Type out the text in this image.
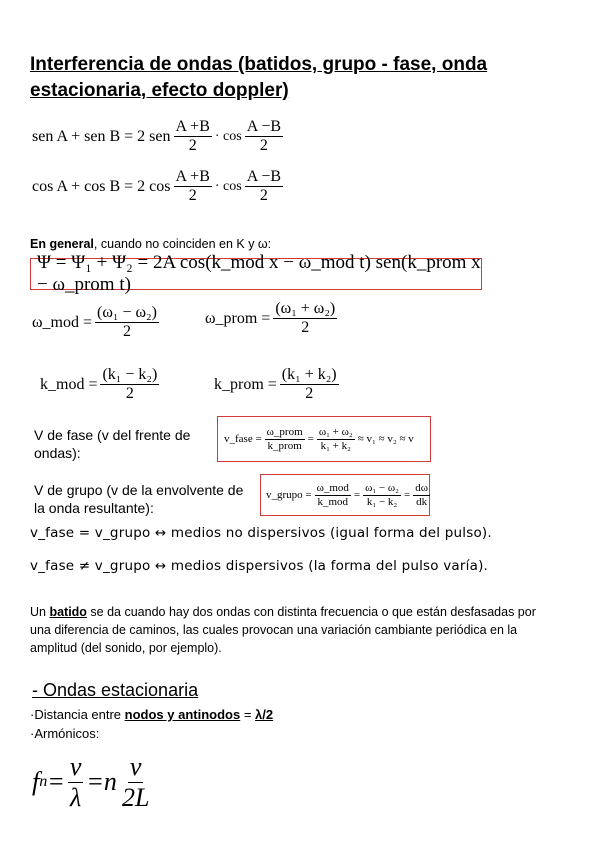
Interferencia de ondas (batidos, grupo - fase, onda estacionaria, efecto doppler)
sen A + sen B = 2 sen $\frac{A +B}{2} \cdot \cos \frac{A -B}{2}$
cos A + cos B = 2 $\cos \frac{A +B}{2} \cdot \cos \frac{A -B}{2}$
En general, cuando no coinciden en K y ω:
Ψ = Ψ₁ + Ψ₂ = 2A cos(k_mod x − ω_mod t) sen(k_prom x − ω_prom t)
ω_mod = $\frac{\text{(ω₁ − ω₂)}}{2}$	ω_prom = $\frac{\text{(ω₁ + ω₂)}}{2}$
k_mod = $\frac{\text{(k₁ − k₂)}}{2}$	k_prom = $\frac{\text{(k₁ + k₂)}}{2}$
V de fase (v del frente de ondas):
v_fase = $\frac{\text{ω\_prom}}{\text{k\_prom}} = \frac{\text{ω₁ + ω₂}}{\text{k₁ + k₂}} \approx v_1 \approx v_2 \approx v$
V de grupo (v de la envolvente de la onda resultante):
v_grupo = $\frac{\text{ω\_mod}}{\text{k\_mod}} = \frac{\text{ω₁ − ω₂}}{\text{k₁ − k₂}} = \frac{d\omega}{dk}$
v_fase = v_grupo ↔ medios no dispersivos (igual forma del pulso).
v_fase ≠ v_grupo ↔ medios dispersivos (la forma del pulso varía).
Un batido se da cuando hay dos ondas con distinta frecuencia o que están desfasadas por una diferencia de caminos, las cuales provocan una variación cambiante periódica en la amplitud (del sonido, por ejemplo).
- Ondas estacionaria
·Distancia entre nodos y antinodos = λ/2
·Armónicos:
f $n = \frac{v}{\lambda} =n \frac{v}{2L}$
